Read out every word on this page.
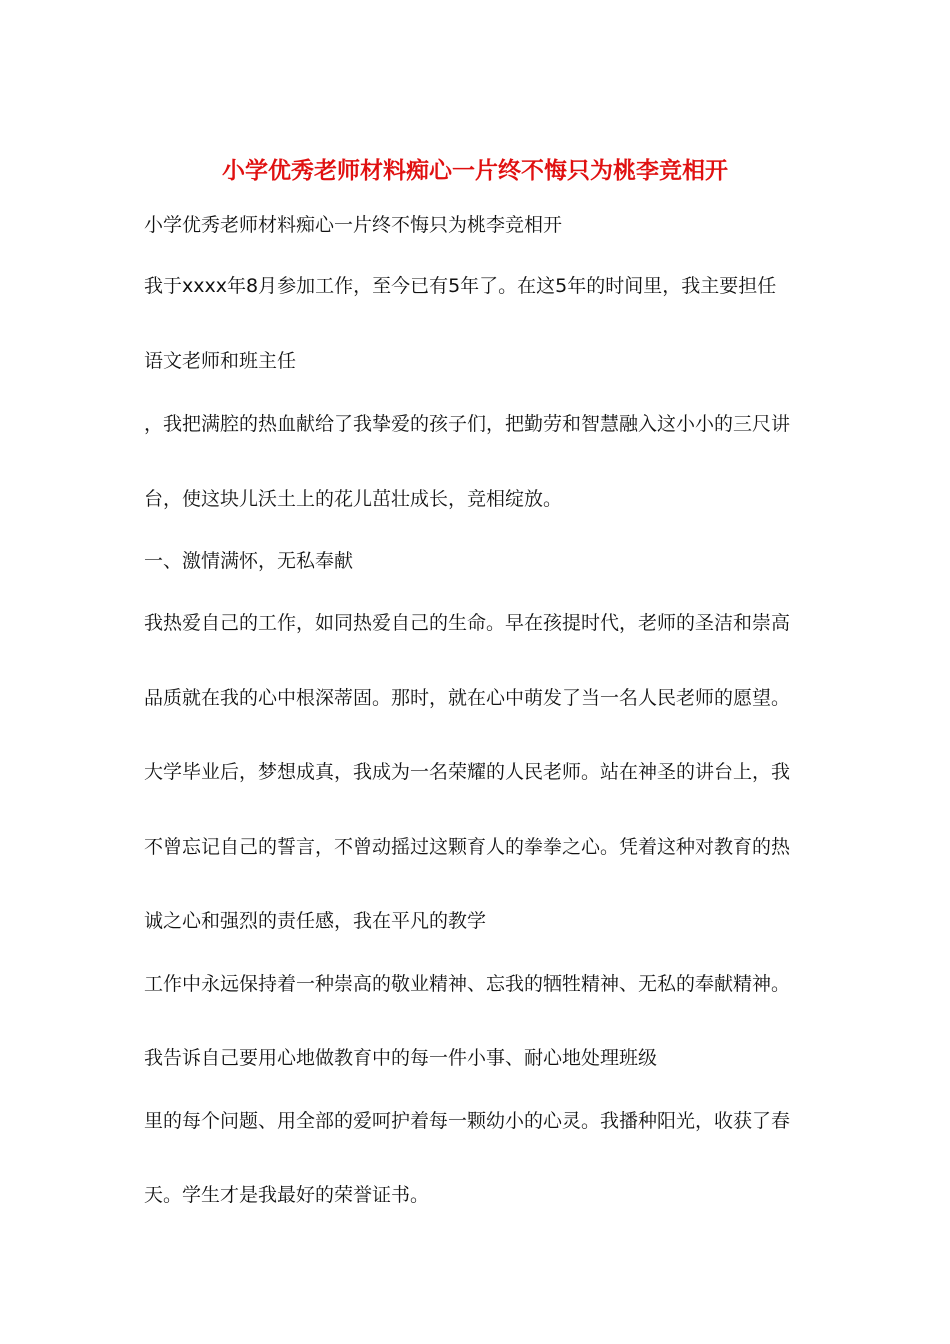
小学优秀老师材料痴心一片终不悔只为桃李竞相开
小学优秀老师材料痴心一片终不悔只为桃李竞相开
我于xxxx年8月参加工作，至今已有5年了。在这5年的时间里，我主要担任
语文老师和班主任
，我把满腔的热血献给了我挚爱的孩子们，把勤劳和智慧融入这小小的三尺讲
台，使这块儿沃土上的花儿茁壮成长，竞相绽放。
一、激情满怀，无私奉献
我热爱自己的工作，如同热爱自己的生命。早在孩提时代，老师的圣洁和崇高
品质就在我的心中根深蒂固。那时，就在心中萌发了当一名人民老师的愿望。
大学毕业后，梦想成真，我成为一名荣耀的人民老师。站在神圣的讲台上，我
不曾忘记自己的誓言，不曾动摇过这颗育人的拳拳之心。凭着这种对教育的热
诚之心和强烈的责任感，我在平凡的教学
工作中永远保持着一种崇高的敬业精神、忘我的牺牲精神、无私的奉献精神。
我告诉自己要用心地做教育中的每一件小事、耐心地处理班级
里的每个问题、用全部的爱呵护着每一颗幼小的心灵。我播种阳光，收获了春
天。学生才是我最好的荣誉证书。
